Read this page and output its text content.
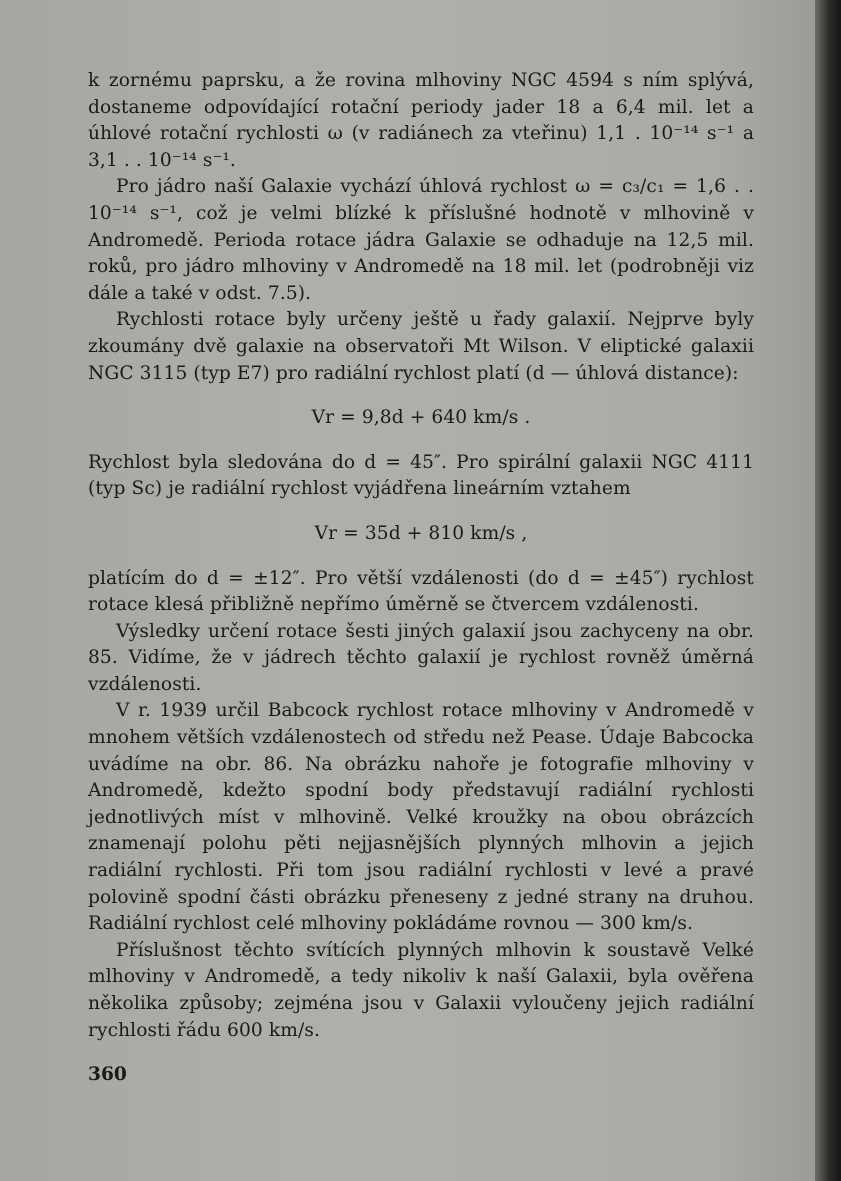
k zornému paprsku, a že rovina mlhoviny NGC 4594 s ním splývá, dostaneme odpovídající rotační periody jader 18 a 6,4 mil. let a úhlové rotační rychlosti ω (v radiánech za vteřinu) 1,1 . 10⁻¹⁴ s⁻¹ a 3,1 . . 10⁻¹⁴ s⁻¹.

Pro jádro naší Galaxie vychází úhlová rychlost ω = c₃/c₁ = 1,6 . . 10⁻¹⁴ s⁻¹, což je velmi blízké k příslušné hodnotě v mlhovině v Andromedě. Perioda rotace jádra Galaxie se odhaduje na 12,5 mil. roků, pro jádro mlhoviny v Andromedě na 18 mil. let (podrobněji viz dále a také v odst. 7.5).

Rychlosti rotace byly určeny ještě u řady galaxií. Nejprve byly zkoumány dvě galaxie na observatoři Mt Wilson. V eliptické galaxii NGC 3115 (typ E7) pro radiální rychlost platí (d — úhlová distance):

Vr = 9,8d + 640 km/s .

Rychlost byla sledována do d = 45″. Pro spirální galaxii NGC 4111 (typ Sc) je radiální rychlost vyjádřena lineárním vztahem

Vr = 35d + 810 km/s ,

platícím do d = ±12″. Pro větší vzdálenosti (do d = ±45″) rychlost rotace klesá přibližně nepřímo úměrně se čtvercem vzdálenosti.

Výsledky určení rotace šesti jiných galaxií jsou zachyceny na obr. 85. Vidíme, že v jádrech těchto galaxií je rychlost rovněž úměrná vzdálenosti.

V r. 1939 určil Babcock rychlost rotace mlhoviny v Andromedě v mnohem větších vzdálenostech od středu než Pease. Údaje Babcocka uvádíme na obr. 86. Na obrázku nahoře je fotografie mlhoviny v Andromedě, kdežto spodní body představují radiální rychlosti jednotlivých míst v mlhovině. Velké kroužky na obou obrázcích znamenají polohu pěti nejjasnějších plynných mlhovin a jejich radiální rychlosti. Při tom jsou radiální rychlosti v levé a pravé polovině spodní části obrázku přeneseny z jedné strany na druhou. Radiální rychlost celé mlhoviny pokládáme rovnou — 300 km/s.

Příslušnost těchto svítících plynných mlhovin k soustavě Velké mlhoviny v Andromedě, a tedy nikoliv k naší Galaxii, byla ověřena několika způsoby; zejména jsou v Galaxii vyloučeny jejich radiální rychlosti řádu 600 km/s.

360
